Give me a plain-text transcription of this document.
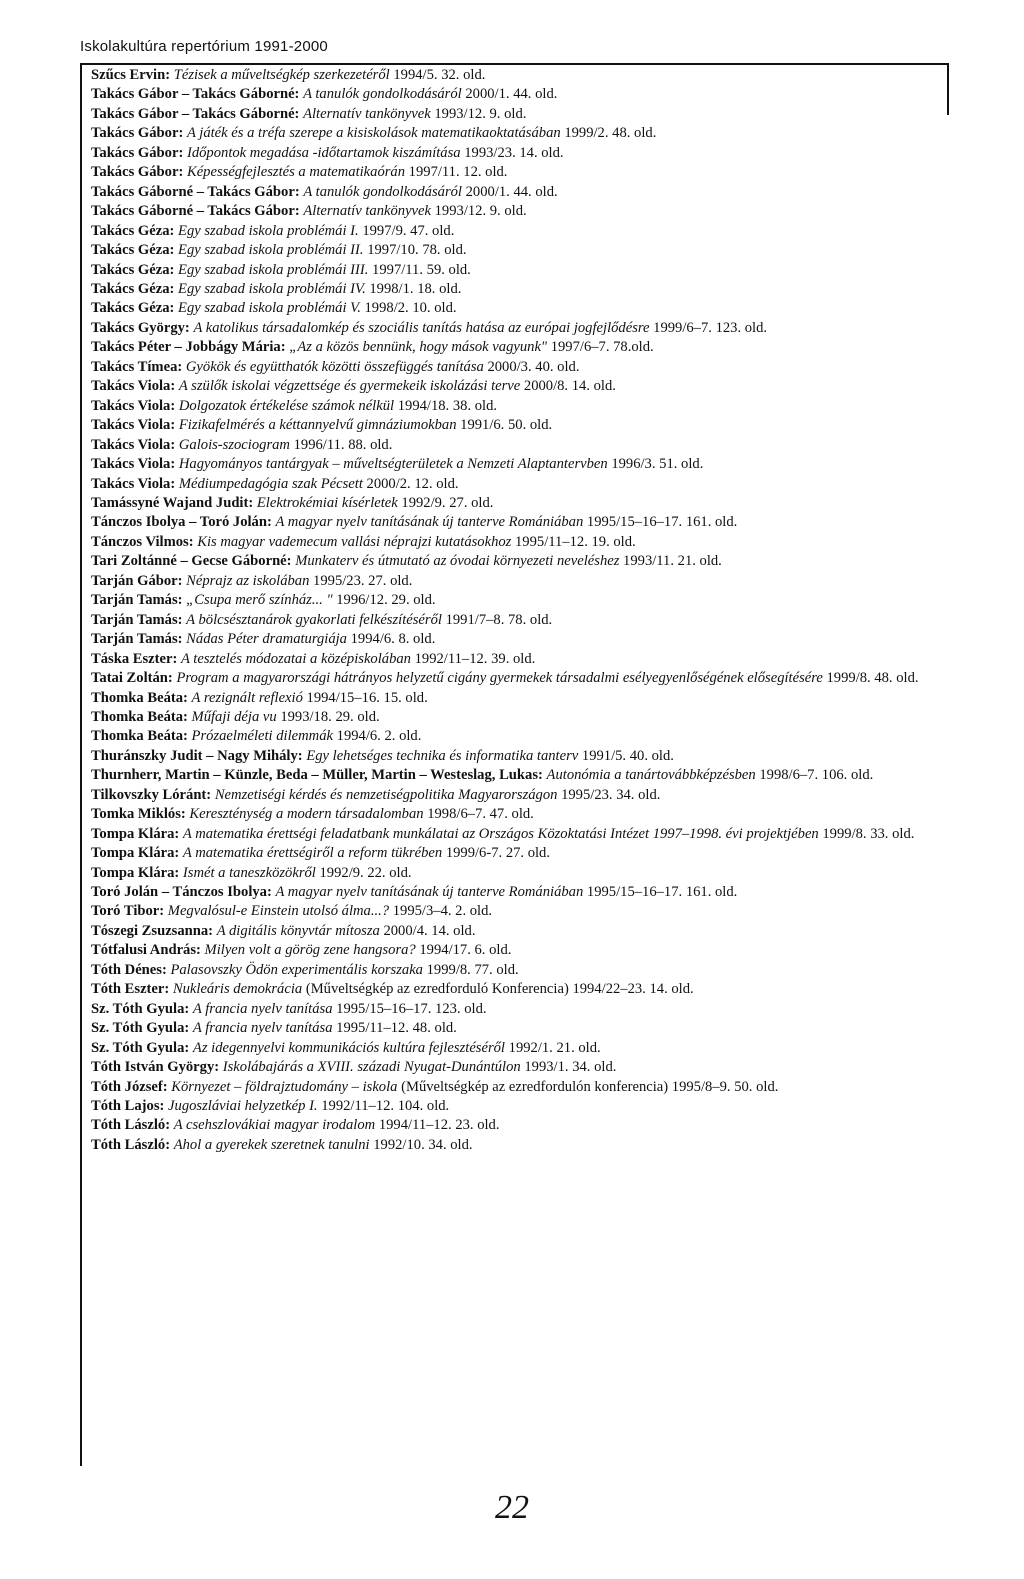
Iskolakultúra repertórium 1991-2000

Szűcs Ervin: Tézisek a műveltségkép szerkezetéről 1994/5. 32. old.

Takács Gábor – Takács Gáborné: A tanulók gondolkodásáról 2000/1. 44. old.

Takács Gábor – Takács Gáborné: Alternatív tankönyvek 1993/12. 9. old.

Takács Gábor: A játék és a tréfa szerepe a kisiskolások matematikaoktatásában 1999/2. 48. old.

Takács Gábor: Időpontok megadása -időtartamok kiszámítása 1993/23. 14. old.

Takács Gábor: Képességfejlesztés a matematikaórán 1997/11. 12. old.

Takács Gáborné – Takács Gábor: A tanulók gondolkodásáról 2000/1. 44. old.

Takács Gáborné – Takács Gábor: Alternatív tankönyvek 1993/12. 9. old.

Takács Géza: Egy szabad iskola problémái I. 1997/9. 47. old.

Takács Géza: Egy szabad iskola problémái II. 1997/10. 78. old.

Takács Géza: Egy szabad iskola problémái III. 1997/11. 59. old.

Takács Géza: Egy szabad iskola problémái IV. 1998/1. 18. old.

Takács Géza: Egy szabad iskola problémái V. 1998/2. 10. old.

Takács György: A katolikus társadalomkép és szociális tanítás hatása az európai jogfejlődésre 1999/6–7. 123. old.

Takács Péter – Jobbágy Mária: „Az a közös bennünk, hogy mások vagyunk" 1997/6–7. 78.old.

Takács Tímea: Gyökök és együtthatók közötti összefüggés tanítása 2000/3. 40. old.

Takács Viola: A szülők iskolai végzettsége és gyermekeik iskolázási terve 2000/8. 14. old.

Takács Viola: Dolgozatok értékelése számok nélkül 1994/18. 38. old.

Takács Viola: Fizikafelmérés a kéttannyelvű gimnáziumokban 1991/6. 50. old.

Takács Viola: Galois-szociogram 1996/11. 88. old.

Takács Viola: Hagyományos tantárgyak – műveltségterületek a Nemzeti Alaptantervben 1996/3. 51. old.

Takács Viola: Médiumpedagógia szak Pécsett 2000/2. 12. old.

Tamássyné Wajand Judit: Elektrokémiai kísérletek 1992/9. 27. old.

Tánczos Ibolya – Toró Jolán: A magyar nyelv tanításának új tanterve Romániában 1995/15–16–17. 161. old.

Tánczos Vilmos: Kis magyar vademecum vallási néprajzi kutatásokhoz 1995/11–12. 19. old.

Tari Zoltánné – Gecse Gáborné: Munkaterv és útmutató az óvodai környezeti neveléshez 1993/11. 21. old.

Tarján Gábor: Néprajz az iskolában 1995/23. 27. old.

Tarján Tamás: „Csupa merő színház... " 1996/12. 29. old.

Tarján Tamás: A bölcsésztanárok gyakorlati felkészítéséről 1991/7–8. 78. old.

Tarján Tamás: Nádas Péter dramaturgiája 1994/6. 8. old.

Táska Eszter: A tesztelés módozatai a középiskolában 1992/11–12. 39. old.

Tatai Zoltán: Program a magyarországi hátrányos helyzetű cigány gyermekek társadalmi esélyegyenlőségének elősegítésére 1999/8. 48. old.

Thomka Beáta: A rezignált reflexió 1994/15–16. 15. old.

Thomka Beáta: Műfaji déja vu 1993/18. 29. old.

Thomka Beáta: Prózaelméleti dilemmák 1994/6. 2. old.

Thuránszky Judit – Nagy Mihály: Egy lehetséges technika és informatika tanterv 1991/5. 40. old.

Thurnherr, Martin – Künzle, Beda – Müller, Martin – Westeslag, Lukas: Autonómia a tanártovábbképzésben 1998/6–7. 106. old.

Tilkovszky Lóránt: Nemzetiségi kérdés és nemzetiségpolitika Magyarországon 1995/23. 34. old.

Tomka Miklós: Kereszténység a modern társadalomban 1998/6–7. 47. old.

Tompa Klára: A matematika érettségi feladatbank munkálatai az Országos Közoktatási Intézet 1997–1998. évi projektjében 1999/8. 33. old.

Tompa Klára: A matematika érettségiről a reform tükrében 1999/6-7. 27. old.

Tompa Klára: Ismét a taneszközökről 1992/9. 22. old.

Toró Jolán – Tánczos Ibolya: A magyar nyelv tanításának új tanterve Romániában 1995/15–16–17. 161. old.

Toró Tibor: Megvalósul-e Einstein utolsó álma...? 1995/3–4. 2. old.

Tószegi Zsuzsanna: A digitális könyvtár mítosza 2000/4. 14. old.

Tótfalusi András: Milyen volt a görög zene hangsora? 1994/17. 6. old.

Tóth Dénes: Palasovszky Ödön experimentális korszaka 1999/8. 77. old.

Tóth Eszter: Nukleáris demokrácia (Műveltségkép az ezredforduló Konferencia) 1994/22–23. 14. old.

Sz. Tóth Gyula: A francia nyelv tanítása 1995/15–16–17. 123. old.

Sz. Tóth Gyula: A francia nyelv tanítása 1995/11–12. 48. old.

Sz. Tóth Gyula: Az idegennyelvi kommunikációs kultúra fejlesztéséről 1992/1. 21. old.

Tóth István György: Iskolábajárás a XVIII. századi Nyugat-Dunántúlon 1993/1. 34. old.

Tóth József: Környezet – földrajztudomány – iskola (Műveltségkép az ezredfordulón konferencia) 1995/8–9. 50. old.

Tóth Lajos: Jugoszláviai helyzetkép I. 1992/11–12. 104. old.

Tóth László: A csehszlovákiai magyar irodalom 1994/11–12. 23. old.

Tóth László: Ahol a gyerekek szeretnek tanulni 1992/10. 34. old.

22
